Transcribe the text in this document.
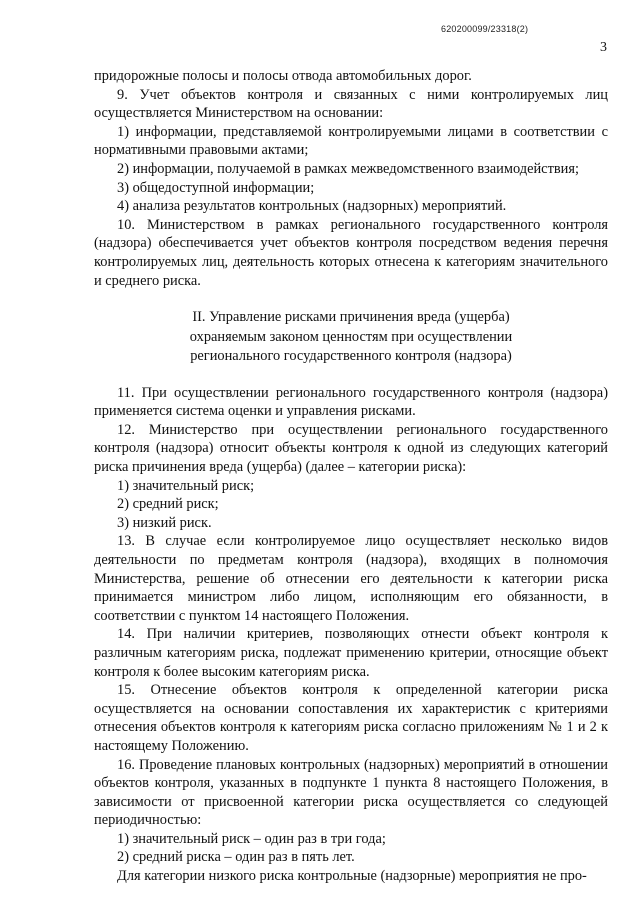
620200099/23318(2)
3

придорожные полосы и полосы отвода автомобильных дорог.

9. Учет объектов контроля и связанных с ними контролируемых лиц осуществляется Министерством на основании:

1) информации, представляемой контролируемыми лицами в соответствии с нормативными правовыми актами;

2) информации, получаемой в рамках межведомственного взаимодействия;

3) общедоступной информации;

4) анализа результатов контрольных (надзорных) мероприятий.

10. Министерством в рамках регионального государственного контроля (надзора) обеспечивается учет объектов контроля посредством ведения перечня контролируемых лиц, деятельность которых отнесена к категориям значительного и среднего риска.

II. Управление рисками причинения вреда (ущерба)
охраняемым законом ценностям при осуществлении
регионального государственного контроля (надзора)

11. При осуществлении регионального государственного контроля (надзора) применяется система оценки и управления рисками.

12. Министерство при осуществлении регионального государственного контроля (надзора) относит объекты контроля к одной из следующих категорий риска причинения вреда (ущерба) (далее – категории риска):

1) значительный риск;

2) средний риск;

3) низкий риск.

13. В случае если контролируемое лицо осуществляет несколько видов деятельности по предметам контроля (надзора), входящих в полномочия Министерства, решение об отнесении его деятельности к категории риска принимается министром либо лицом, исполняющим его обязанности, в соответствии с пунктом 14 настоящего Положения.

14. При наличии критериев, позволяющих отнести объект контроля к различным категориям риска, подлежат применению критерии, относящие объект контроля к более высоким категориям риска.

15. Отнесение объектов контроля к определенной категории риска осуществляется на основании сопоставления их характеристик с критериями отнесения объектов контроля к категориям риска согласно приложениям № 1 и 2 к настоящему Положению.

16. Проведение плановых контрольных (надзорных) мероприятий в отношении объектов контроля, указанных в подпункте 1 пункта 8 настоящего Положения, в зависимости от присвоенной категории риска осуществляется со следующей периодичностью:

1) значительный риск – один раз в три года;

2) средний риска – один раз в пять лет.

Для категории низкого риска контрольные (надзорные) мероприятия не про-
